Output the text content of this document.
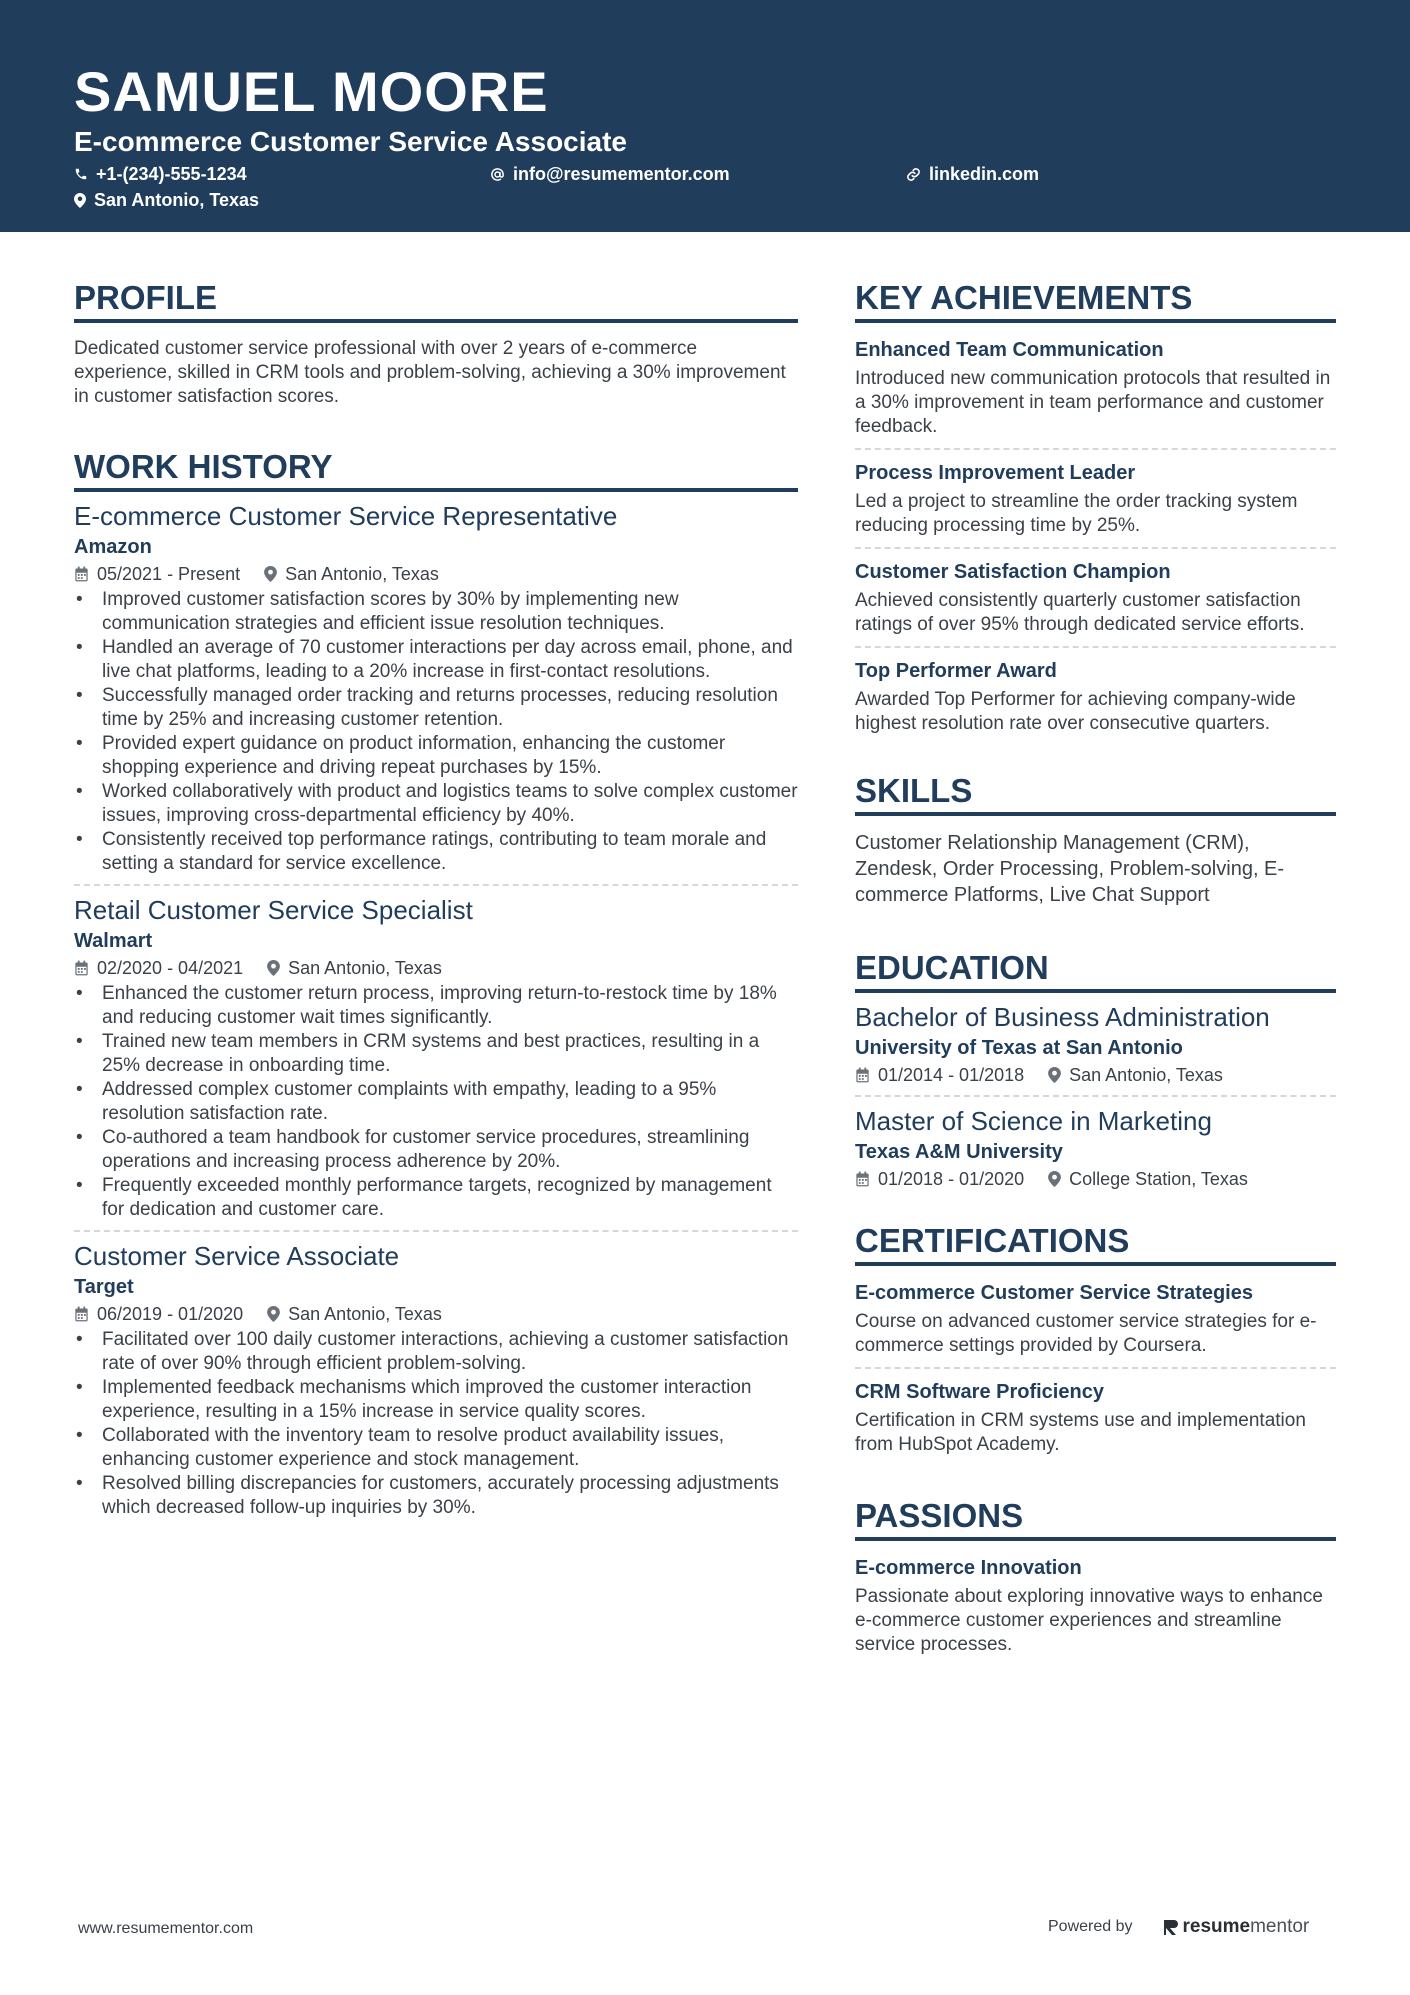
SAMUEL MOORE
E-commerce Customer Service Associate
+1-(234)-555-1234	info@resumementor.com	linkedin.com
San Antonio, Texas
PROFILE

Dedicated customer service professional with over 2 years of e-commerce experience, skilled in CRM tools and problem-solving, achieving a 30% improvement in customer satisfaction scores.

WORK HISTORY
E-commerce Customer Service Representative
Amazon
05/2021 - Present	San Antonio, Texas
• Improved customer satisfaction scores by 30% by implementing new communication strategies and efficient issue resolution techniques.
• Handled an average of 70 customer interactions per day across email, phone, and live chat platforms, leading to a 20% increase in first-contact resolutions.
• Successfully managed order tracking and returns processes, reducing resolution time by 25% and increasing customer retention.
• Provided expert guidance on product information, enhancing the customer shopping experience and driving repeat purchases by 15%.
• Worked collaboratively with product and logistics teams to solve complex customer issues, improving cross-departmental efficiency by 40%.
• Consistently received top performance ratings, contributing to team morale and setting a standard for service excellence.
Retail Customer Service Specialist
Walmart
02/2020 - 04/2021	San Antonio, Texas
• Enhanced the customer return process, improving return-to-restock time by 18% and reducing customer wait times significantly.
• Trained new team members in CRM systems and best practices, resulting in a 25% decrease in onboarding time.
• Addressed complex customer complaints with empathy, leading to a 95% resolution satisfaction rate.
• Co-authored a team handbook for customer service procedures, streamlining operations and increasing process adherence by 20%.
• Frequently exceeded monthly performance targets, recognized by management for dedication and customer care.
Customer Service Associate
Target
06/2019 - 01/2020	San Antonio, Texas
• Facilitated over 100 daily customer interactions, achieving a customer satisfaction rate of over 90% through efficient problem-solving.
• Implemented feedback mechanisms which improved the customer interaction experience, resulting in a 15% increase in service quality scores.
• Collaborated with the inventory team to resolve product availability issues, enhancing customer experience and stock management.
• Resolved billing discrepancies for customers, accurately processing adjustments which decreased follow-up inquiries by 30%.
KEY ACHIEVEMENTS
Enhanced Team Communication
Introduced new communication protocols that resulted in a 30% improvement in team performance and customer feedback.
Process Improvement Leader
Led a project to streamline the order tracking system reducing processing time by 25%.
Customer Satisfaction Champion
Achieved consistently quarterly customer satisfaction ratings of over 95% through dedicated service efforts.
Top Performer Award
Awarded Top Performer for achieving company-wide highest resolution rate over consecutive quarters.
SKILLS
Customer Relationship Management (CRM), Zendesk, Order Processing, Problem-solving, E-commerce Platforms, Live Chat Support
EDUCATION
Bachelor of Business Administration
University of Texas at San Antonio
01/2014 - 01/2018	San Antonio, Texas
Master of Science in Marketing
Texas A&M University
01/2018 - 01/2020	College Station, Texas
CERTIFICATIONS
E-commerce Customer Service Strategies
Course on advanced customer service strategies for e-commerce settings provided by Coursera.
CRM Software Proficiency
Certification in CRM systems use and implementation from HubSpot Academy.
PASSIONS
E-commerce Innovation
Passionate about exploring innovative ways to enhance e-commerce customer experiences and streamline service processes.
www.resumementor.com	Powered by	resume mentor
